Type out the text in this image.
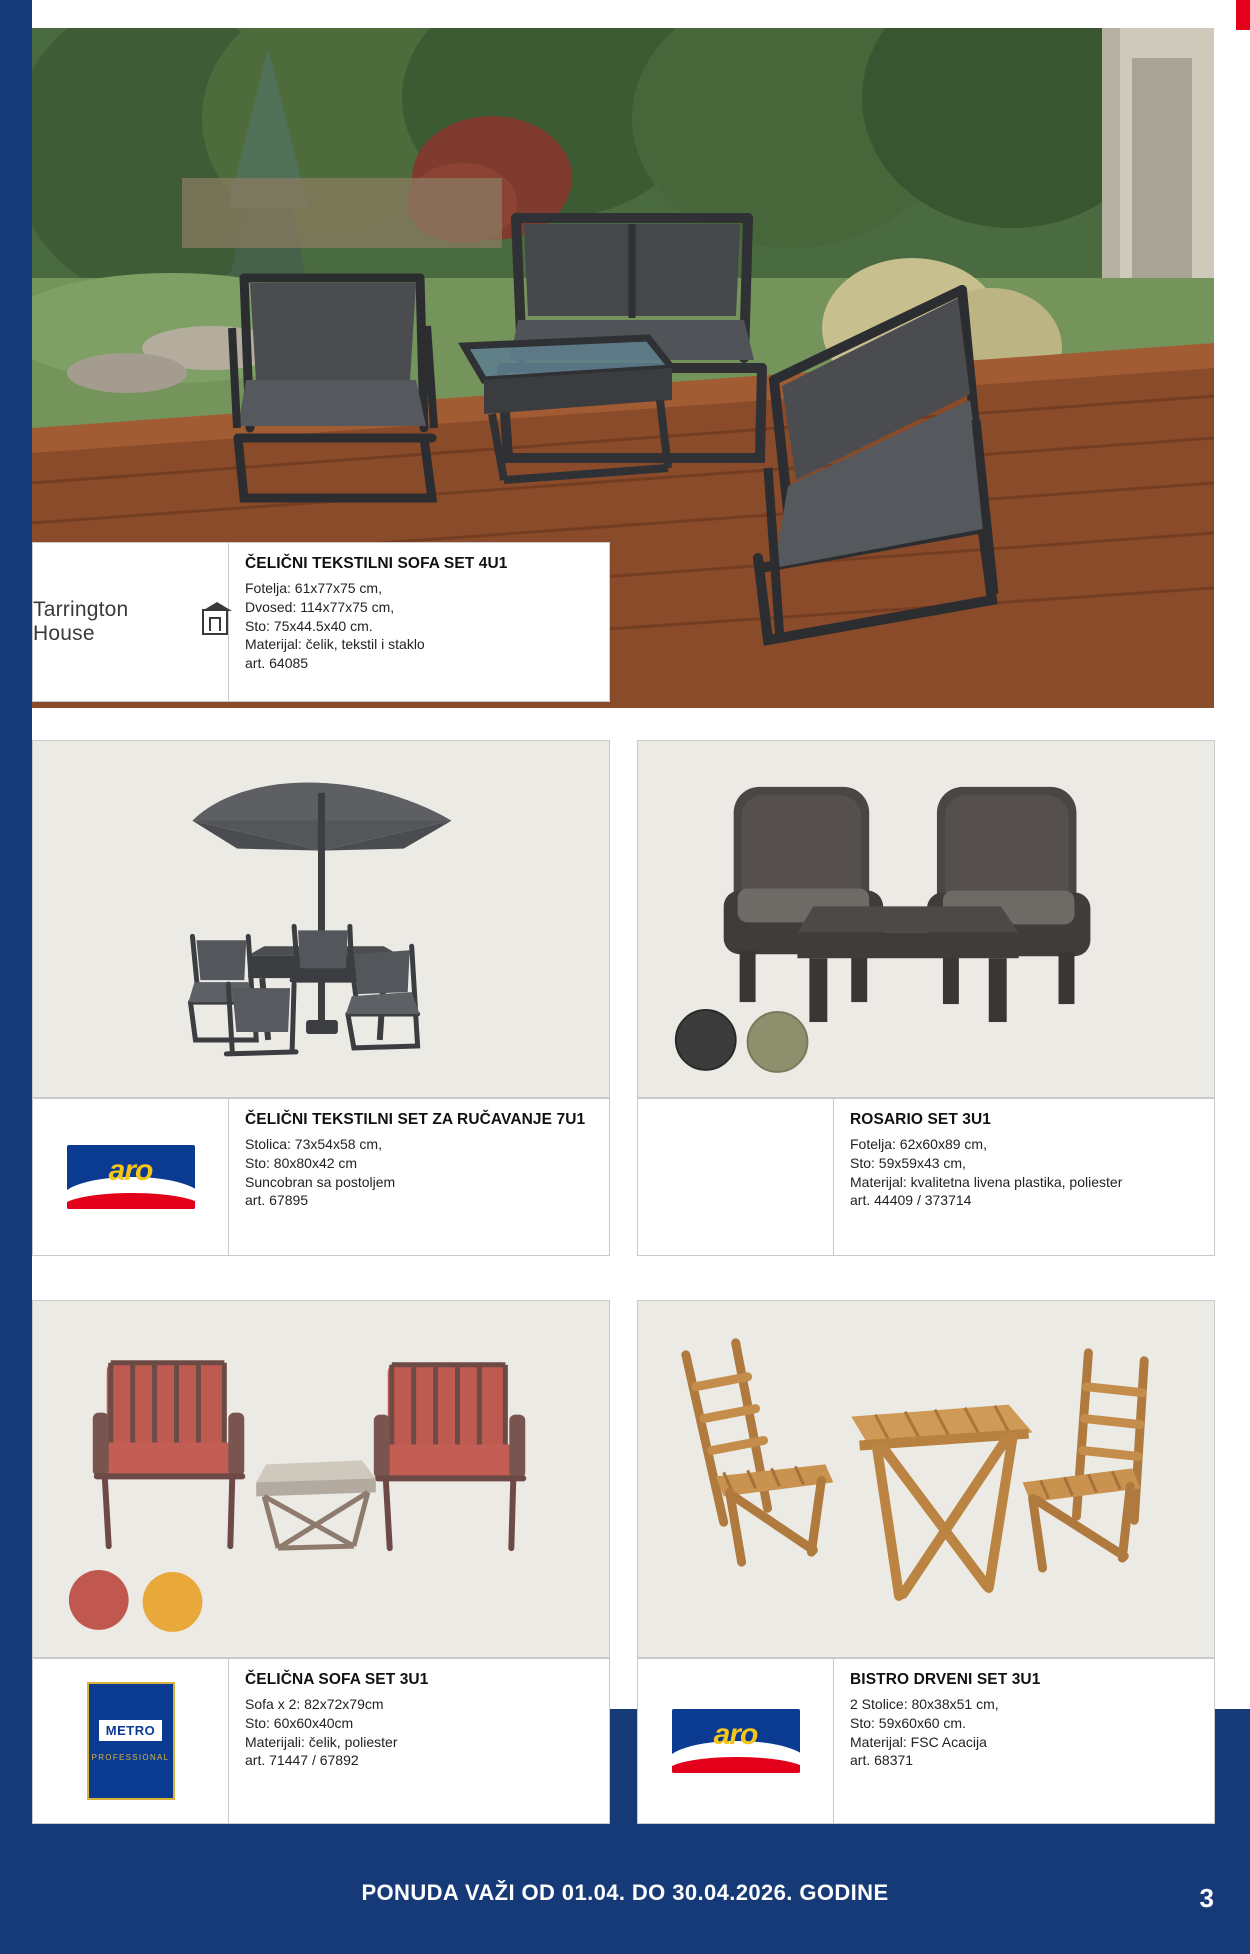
Tarrington House
ČELIČNI TEKSTILNI SOFA SET 4U1
Fotelja: 61x77x75 cm,
Dvosed: 114x77x75 cm,
Sto: 75x44.5x40 cm.
Materijal: čelik, tekstil i staklo
art. 64085
aro
ČELIČNI TEKSTILNI SET ZA RUČAVANJE 7U1
Stolica: 73x54x58 cm,
Sto: 80x80x42 cm
Suncobran sa postoljem
art. 67895
ROSARIO SET 3U1
Fotelja: 62x60x89 cm,
Sto: 59x59x43 cm,
Materijal: kvalitetna livena plastika, poliester
art. 44409 / 373714
METRO
PROFESSIONAL
ČELIČNA SOFA SET 3U1
Sofa x 2: 82x72x79cm
Sto: 60x60x40cm
Materijali: čelik, poliester
art. 71447 / 67892
aro
BISTRO DRVENI SET 3U1
2 Stolice: 80x38x51 cm,
Sto: 59x60x60 cm.
Materijal: FSC Acacija
art. 68371
PONUDA VAŽI OD 01.04. DO 30.04.2026. GODINE	3
